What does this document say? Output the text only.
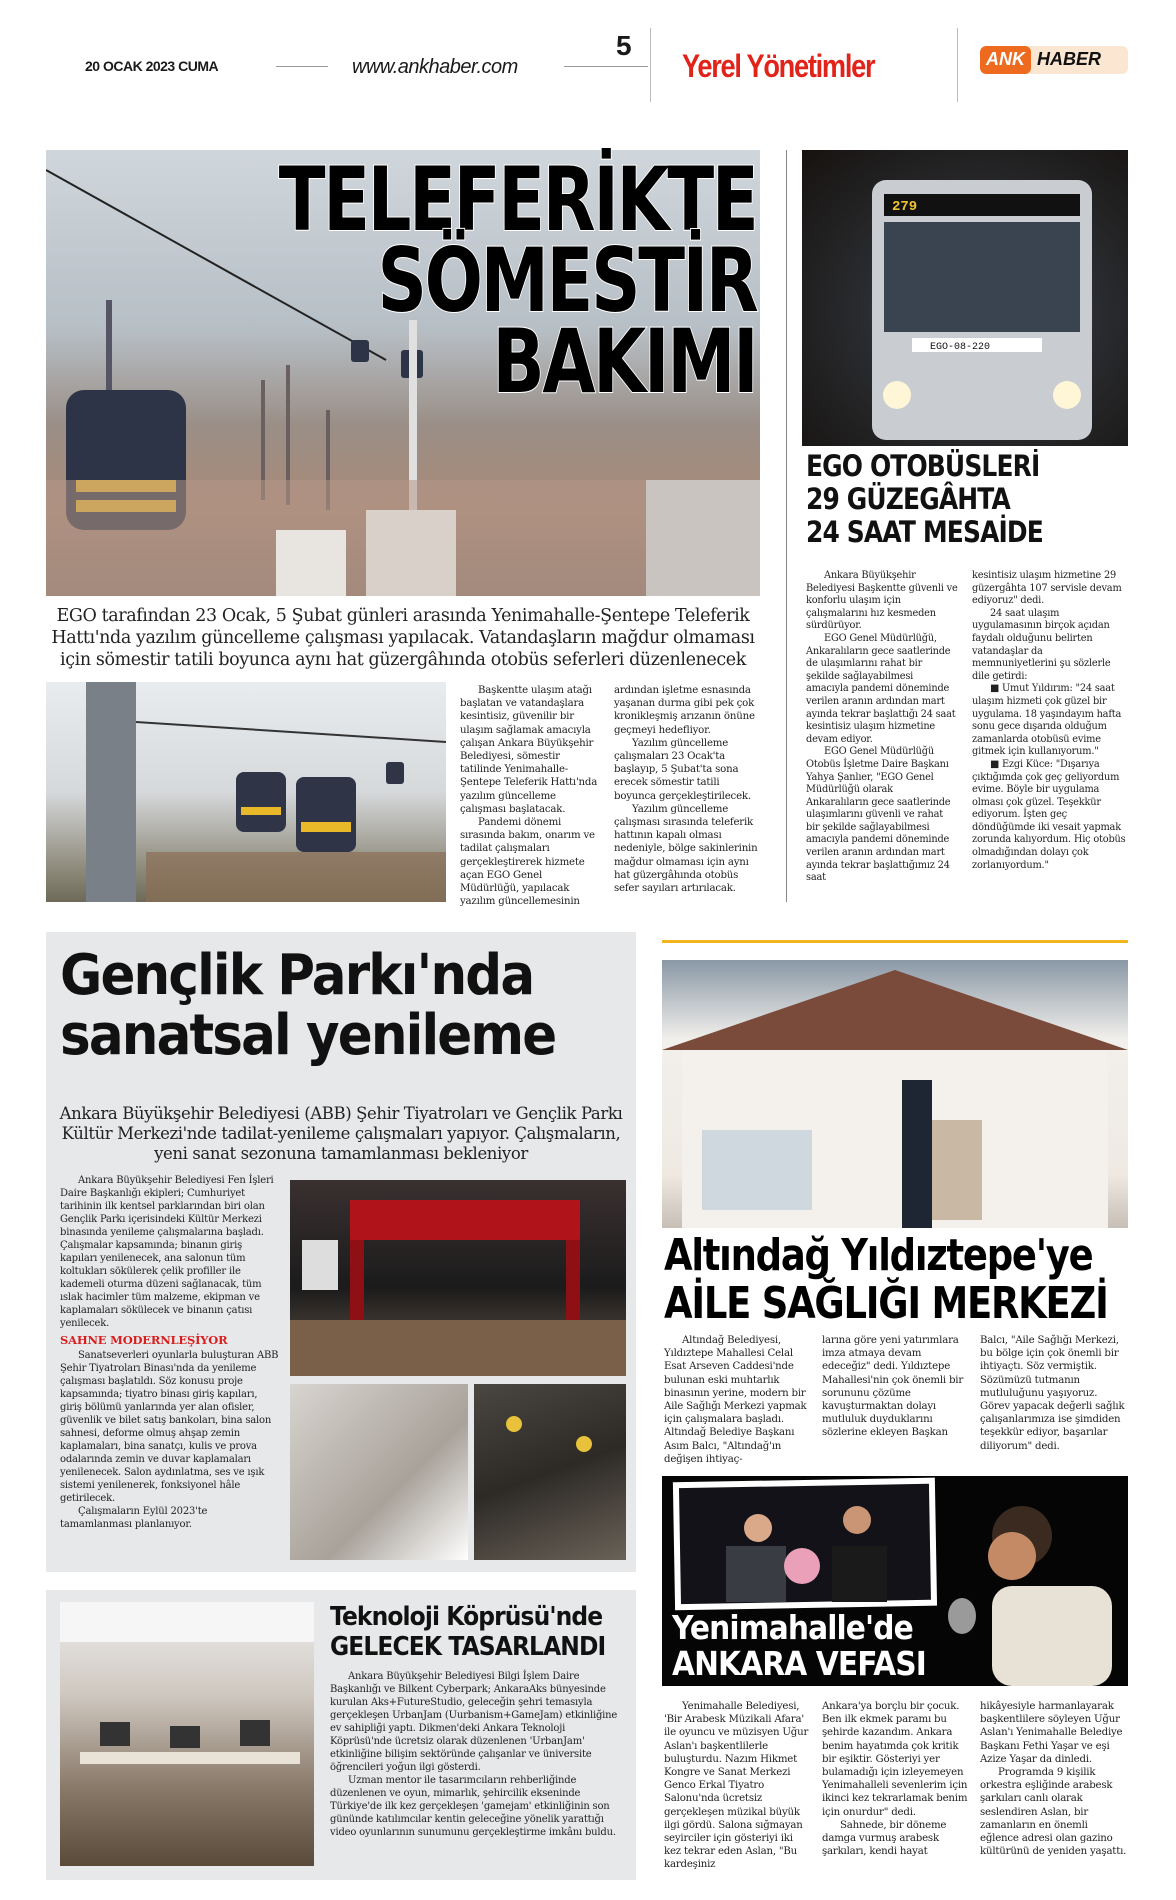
20 OCAK 2023 CUMA	www.ankhaber.com
5
Yerel Yönetimler	ANK HABER
TELEFERİKTE
SÖMESTİR
BAKIMI
EGO tarafından 23 Ocak, 5 Şubat günleri arasında Yenimahalle-Şentepe Teleferik Hattı'nda yazılım güncelleme çalışması yapılacak. Vatandaşların mağdur olmaması için sömestir tatili boyunca aynı hat güzergâhında otobüs seferleri düzenlenecek

Başkentte ulaşım atağı başlatan ve vatandaşlara kesintisiz, güvenilir bir ulaşım sağlamak amacıyla çalışan Ankara Büyükşehir Belediyesi, sömestir tatilinde Yenimahalle-Şentepe Teleferik Hattı'nda yazılım güncelleme çalışması başlatacak.

Pandemi dönemi sırasında bakım, onarım ve tadilat çalışmaları gerçekleştirerek hizmete açan EGO Genel Müdürlüğü, yapılacak yazılım güncellemesinin

ardından işletme esnasında yaşanan durma gibi pek çok kronikleşmiş arızanın önüne geçmeyi hedefliyor.

Yazılım güncelleme çalışmaları 23 Ocak'ta başlayıp, 5 Şubat'ta sona erecek sömestir tatili boyunca gerçekleştirilecek.

Yazılım güncelleme çalışması sırasında teleferik hattının kapalı olması nedeniyle, bölge sakinlerinin mağdur olmaması için aynı hat güzergâhında otobüs sefer sayıları artırılacak.

279
EGO-08-220
EGO OTOBÜSLERİ
29 GÜZEGÂHTA
24 SAAT MESAİDE

Ankara Büyükşehir Belediyesi Başkentte güvenli ve konforlu ulaşım için çalışmalarını hız kesmeden sürdürüyor.

EGO Genel Müdürlüğü, Ankaralıların gece saatlerinde de ulaşımlarını rahat bir şekilde sağlayabilmesi amacıyla pandemi döneminde verilen aranın ardından mart ayında tekrar başlattığı 24 saat kesintisiz ulaşım hizmetine devam ediyor.

EGO Genel Müdürlüğü Otobüs İşletme Daire Başkanı Yahya Şanlıer, "EGO Genel Müdürlüğü olarak Ankaralıların gece saatlerinde ulaşımlarını güvenli ve rahat bir şekilde sağlayabilmesi amacıyla pandemi döneminde verilen aranın ardından mart ayında tekrar başlattığımız 24 saat

kesintisiz ulaşım hizmetine 29 güzergâhta 107 servisle devam ediyoruz" dedi.

24 saat ulaşım uygulamasının birçok açıdan faydalı olduğunu belirten vatandaşlar da memnuniyetlerini şu sözlerle dile getirdi:

■ Umut Yıldırım: "24 saat ulaşım hizmeti çok güzel bir uygulama. 18 yaşındayım hafta sonu gece dışarıda olduğum zamanlarda otobüsü evime gitmek için kullanıyorum."

■ Ezgi Küce: "Dışarıya çıktığımda çok geç geliyordum evime. Böyle bir uygulama olması çok güzel. Teşekkür ediyorum. İşten geç döndüğümde iki vesait yapmak zorunda kalıyordum. Hiç otobüs olmadığından dolayı çok zorlanıyordum."

Gençlik Parkı'nda
sanatsal yenileme
Ankara Büyükşehir Belediyesi (ABB) Şehir Tiyatroları ve Gençlik Parkı Kültür Merkezi'nde tadilat-yenileme çalışmaları yapıyor. Çalışmaların, yeni sanat sezonuna tamamlanması bekleniyor

Ankara Büyükşehir Belediyesi Fen İşleri Daire Başkanlığı ekipleri; Cumhuriyet tarihinin ilk kentsel parklarından biri olan Gençlik Parkı içerisindeki Kültür Merkezi binasında yenileme çalışmalarına başladı. Çalışmalar kapsamında; binanın giriş kapıları yenilenecek, ana salonun tüm koltukları sökülerek çelik profiller ile kademeli oturma düzeni sağlanacak, tüm ıslak hacimler tüm malzeme, ekipman ve kaplamaları sökülecek ve binanın çatısı yenilecek.

SAHNE MODERNLEŞİYOR

Sanatseverleri oyunlarla buluşturan ABB Şehir Tiyatroları Binası'nda da yenileme çalışması başlatıldı. Söz konusu proje kapsamında; tiyatro binası giriş kapıları, giriş bölümü yanlarında yer alan ofisler, güvenlik ve bilet satış bankoları, bina salon sahnesi, deforme olmuş ahşap zemin kaplamaları, bina sanatçı, kulis ve prova odalarında zemin ve duvar kaplamaları yenilenecek. Salon aydınlatma, ses ve ışık sistemi yenilenerek, fonksiyonel hâle getirilecek.

Çalışmaların Eylül 2023'te tamamlanması planlanıyor.

Altındağ Yıldıztepe'ye
AİLE SAĞLIĞI MERKEZİ

Altındağ Belediyesi, Yıldıztepe Mahallesi Celal Esat Arseven Caddesi'nde bulunan eski muhtarlık binasının yerine, modern bir Aile Sağlığı Merkezi yapmak için çalışmalara başladı. Altındağ Belediye Başkanı Asım Balcı, "Altındağ'ın değişen ihtiyaç-

larına göre yeni yatırımlara imza atmaya devam edeceğiz" dedi. Yıldıztepe Mahallesi'nin çok önemli bir sorununu çözüme kavuşturmaktan dolayı mutluluk duyduklarını sözlerine ekleyen Başkan

Balcı, "Aile Sağlığı Merkezi, bu bölge için çok önemli bir ihtiyaçtı. Söz vermiştik. Sözümüzü tutmanın mutluluğunu yaşıyoruz. Görev yapacak değerli sağlık çalışanlarımıza ise şimdiden teşekkür ediyor, başarılar diliyorum" dedi.

Teknoloji Köprüsü'nde
GELECEK TASARLANDI

Ankara Büyükşehir Belediyesi Bilgi İşlem Daire Başkanlığı ve Bilkent Cyberpark; AnkaraAks bünyesinde kurulan Aks+FutureStudio, geleceğin şehri temasıyla gerçekleşen UrbanJam (Uurbanism+GameJam) etkinliğine ev sahipliği yaptı. Dikmen'deki Ankara Teknoloji Köprüsü'nde ücretsiz olarak düzenlenen 'UrbanJam' etkinliğine bilişim sektöründe çalışanlar ve üniversite öğrencileri yoğun ilgi gösterdi.

Uzman mentor ile tasarımcıların rehberliğinde düzenlenen ve oyun, mimarlık, şehircilik ekseninde Türkiye'de ilk kez gerçekleşen 'gamejam' etkinliğinin son gününde katılımcılar kentin geleceğine yönelik yarattığı video oyunlarının sunumunu gerçekleştirme imkânı buldu.

Yenimahalle'de
ANKARA VEFASI

Yenimahalle Belediyesi, 'Bir Arabesk Müzikali Afara' ile oyuncu ve müzisyen Uğur Aslan'ı başkentlilerle buluşturdu. Nazım Hikmet Kongre ve Sanat Merkezi Genco Erkal Tiyatro Salonu'nda ücretsiz gerçekleşen müzikal büyük ilgi gördü. Salona sığmayan seyirciler için gösteriyi iki kez tekrar eden Aslan, "Bu kardeşiniz

Ankara'ya borçlu bir çocuk. Ben ilk ekmek paramı bu şehirde kazandım. Ankara benim hayatımda çok kritik bir eşiktir. Gösteriyi yer bulamadığı için izleyemeyen Yenimahalleli sevenlerim için ikinci kez tekrarlamak benim için onurdur" dedi.

Sahnede, bir döneme damga vurmuş arabesk şarkıları, kendi hayat

hikâyesiyle harmanlayarak başkentlilere söyleyen Uğur Aslan'ı Yenimahalle Belediye Başkanı Fethi Yaşar ve eşi Azize Yaşar da dinledi.

Programda 9 kişilik orkestra eşliğinde arabesk şarkıları canlı olarak seslendiren Aslan, bir zamanların en önemli eğlence adresi olan gazino kültürünü de yeniden yaşattı.
